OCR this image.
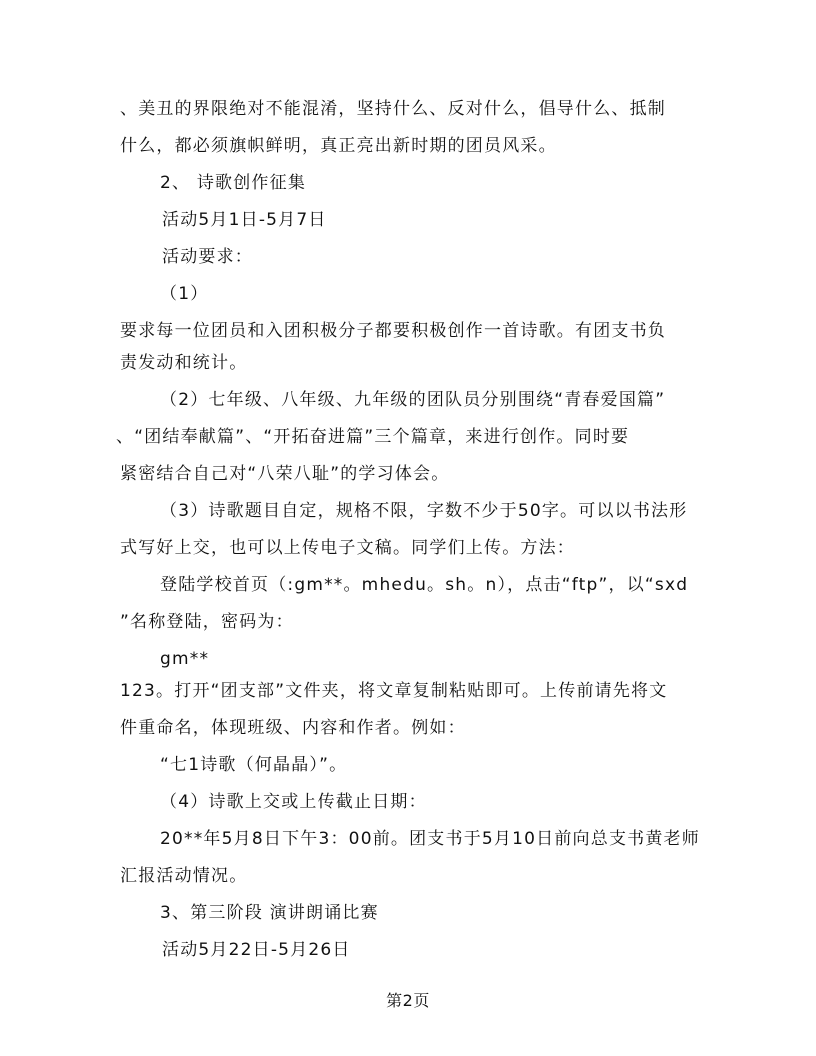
、美丑的界限绝对不能混淆，坚持什么、反对什么，倡导什么、抵制
什么，都必须旗帜鲜明，真正亮出新时期的团员风采。
2、 诗歌创作征集
活动5月1日-5月7日
活动要求：
（1）
要求每一位团员和入团积极分子都要积极创作一首诗歌。有团支书负
责发动和统计。
（2）七年级、八年级、九年级的团队员分别围绕“青春爱国篇”
、“团结奉献篇”、“开拓奋进篇”三个篇章，来进行创作。同时要
紧密结合自己对“八荣八耻”的学习体会。
（3）诗歌题目自定，规格不限，字数不少于50字。可以以书法形
式写好上交，也可以上传电子文稿。同学们上传。方法：
登陆学校首页（:gm**。mhedu。sh。n），点击“ftp”，以“sxd
”名称登陆，密码为：
gm**
123。打开“团支部”文件夹，将文章复制粘贴即可。上传前请先将文
件重命名，体现班级、内容和作者。例如：
“七1诗歌（何晶晶）”。
（4）诗歌上交或上传截止日期：
20**年5月8日下午3：00前。团支书于5月10日前向总支书黄老师
汇报活动情况。
3、第三阶段 演讲朗诵比赛
活动5月22日-5月26日
第2页
